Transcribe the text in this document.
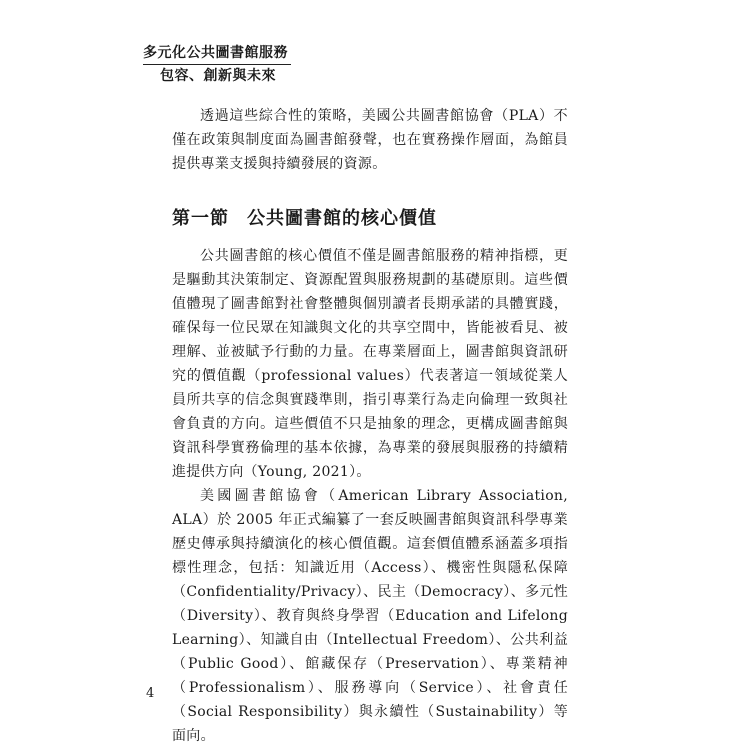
多元化公共圖書館服務
包容、創新與未來

透過這些綜合性的策略，美國公共圖書館協會（PLA）不僅在政策與制度面為圖書館發聲，也在實務操作層面，為館員提供專業支援與持續發展的資源。

第一節 公共圖書館的核心價值

公共圖書館的核心價值不僅是圖書館服務的精神指標，更是驅動其決策制定、資源配置與服務規劃的基礎原則。這些價值體現了圖書館對社會整體與個別讀者長期承諾的具體實踐，確保每一位民眾在知識與文化的共享空間中，皆能被看見、被理解、並被賦予行動的力量。在專業層面上，圖書館與資訊研究的價值觀（professional values）代表著這一領域從業人員所共享的信念與實踐準則，指引專業行為走向倫理一致與社會負責的方向。這些價值不只是抽象的理念，更構成圖書館與資訊科學實務倫理的基本依據，為專業的發展與服務的持續精進提供方向（Young, 2021）。

美國圖書館協會（American Library Association, ALA）於 2005 年正式編纂了一套反映圖書館與資訊科學專業歷史傳承與持續演化的核心價值觀。這套價值體系涵蓋多項指標性理念，包括：知識近用（Access）、機密性與隱私保障（Confidentiality/Privacy）、民主（Democracy）、多元性（Diversity）、教育與終身學習（Education and Lifelong Learning）、知識自由（Intellectual Freedom）、公共利益（Public Good）、館藏保存（Preservation）、專業精神（Professionalism）、服務導向（Service）、社會責任（Social Responsibility）與永續性（Sustainability）等面向。

4
